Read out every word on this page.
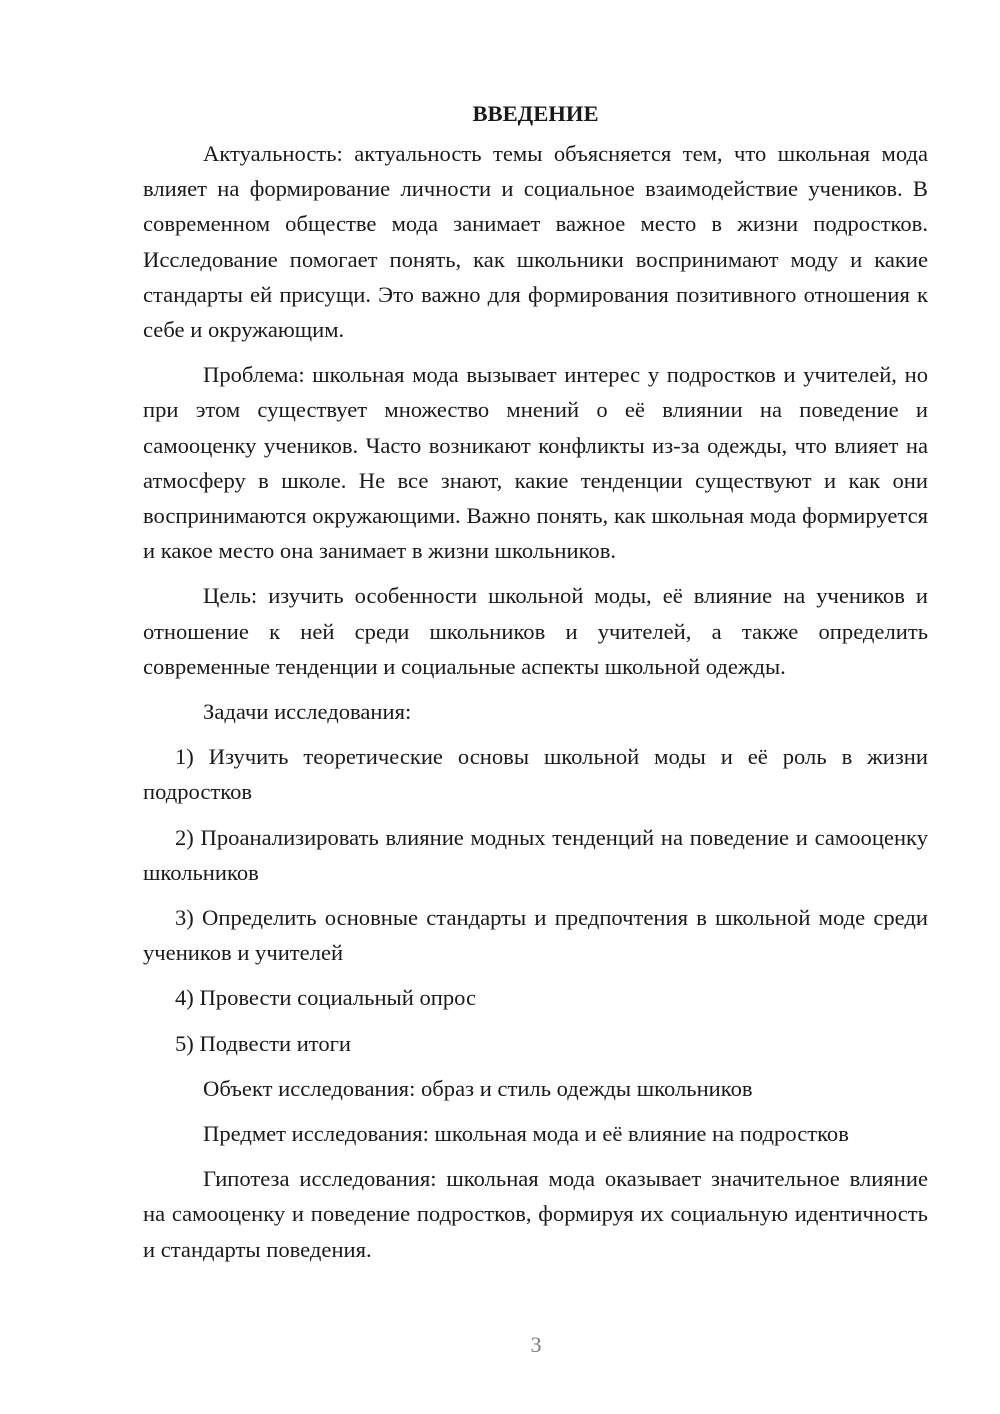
ВВЕДЕНИЕ

Актуальность: актуальность темы объясняется тем, что школьная мода влияет на формирование личности и социальное взаимодействие учеников. В современном обществе мода занимает важное место в жизни подростков. Исследование помогает понять, как школьники воспринимают моду и какие стандарты ей присущи. Это важно для формирования позитивного отношения к себе и окружающим.

Проблема: школьная мода вызывает интерес у подростков и учителей, но при этом существует множество мнений о её влиянии на поведение и самооценку учеников. Часто возникают конфликты из-за одежды, что влияет на атмосферу в школе. Не все знают, какие тенденции существуют и как они воспринимаются окружающими. Важно понять, как школьная мода формируется и какое место она занимает в жизни школьников.

Цель: изучить особенности школьной моды, её влияние на учеников и отношение к ней среди школьников и учителей, а также определить современные тенденции и социальные аспекты школьной одежды.

Задачи исследования:

1) Изучить теоретические основы школьной моды и её роль в жизни подростков

2) Проанализировать влияние модных тенденций на поведение и самооценку школьников

3) Определить основные стандарты и предпочтения в школьной моде среди учеников и учителей

4) Провести социальный опрос

5) Подвести итоги

Объект исследования: образ и стиль одежды школьников

Предмет исследования: школьная мода и её влияние на подростков

Гипотеза исследования: школьная мода оказывает значительное влияние на самооценку и поведение подростков, формируя их социальную идентичность и стандарты поведения.

3
